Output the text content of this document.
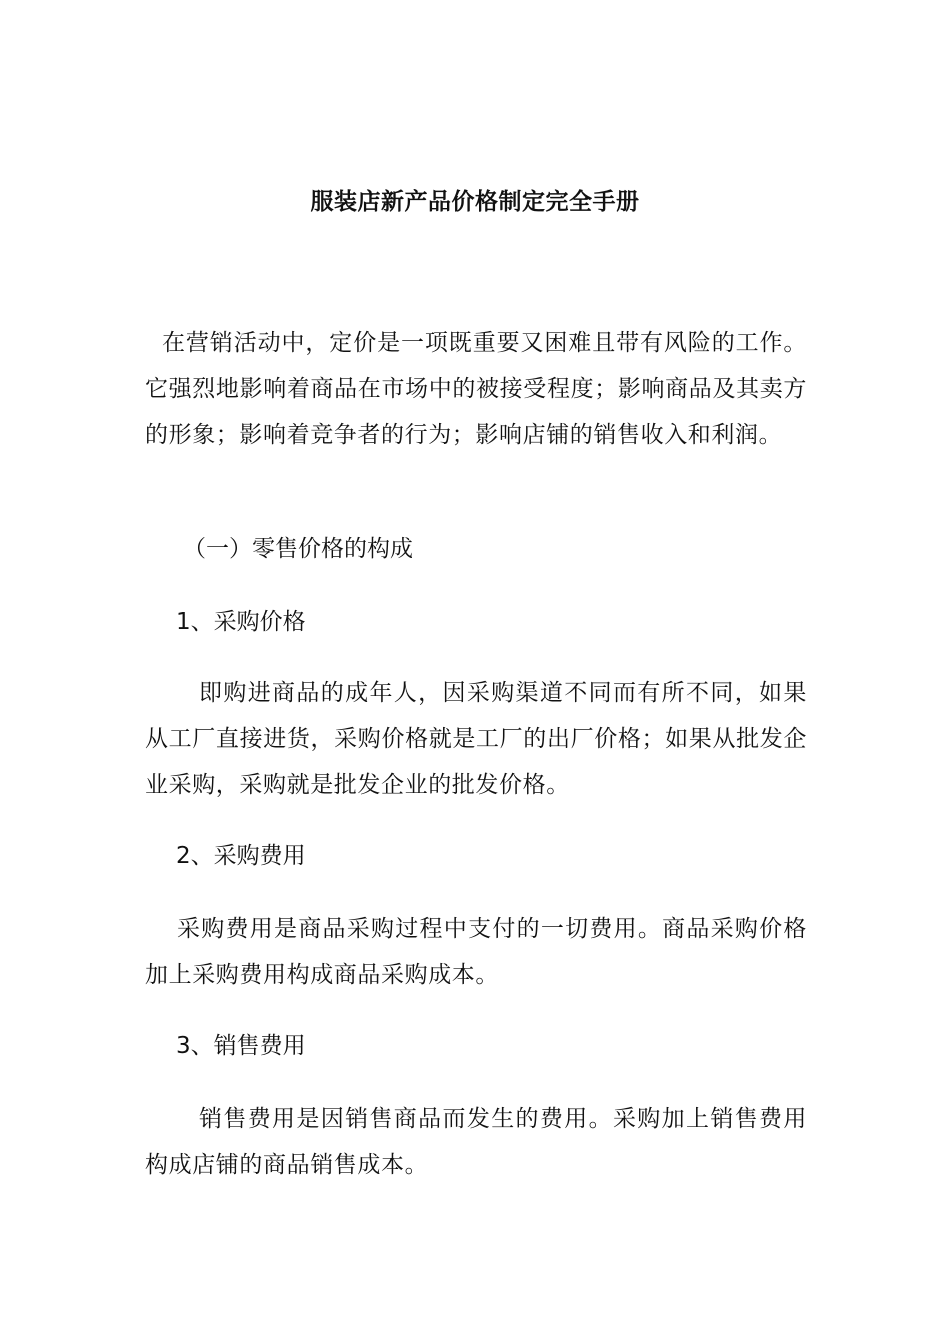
服装店新产品价格制定完全手册

在营销活动中，定价是一项既重要又困难且带有风险的工作。它强烈地影响着商品在市场中的被接受程度；影响商品及其卖方的形象；影响着竞争者的行为；影响店铺的销售收入和利润。

（一）零售价格的构成

1、采购价格

即购进商品的成年人，因采购渠道不同而有所不同，如果从工厂直接进货，采购价格就是工厂的出厂价格；如果从批发企业采购，采购就是批发企业的批发价格。

2、采购费用

采购费用是商品采购过程中支付的一切费用。商品采购价格加上采购费用构成商品采购成本。

3、销售费用

销售费用是因销售商品而发生的费用。采购加上销售费用构成店铺的商品销售成本。
